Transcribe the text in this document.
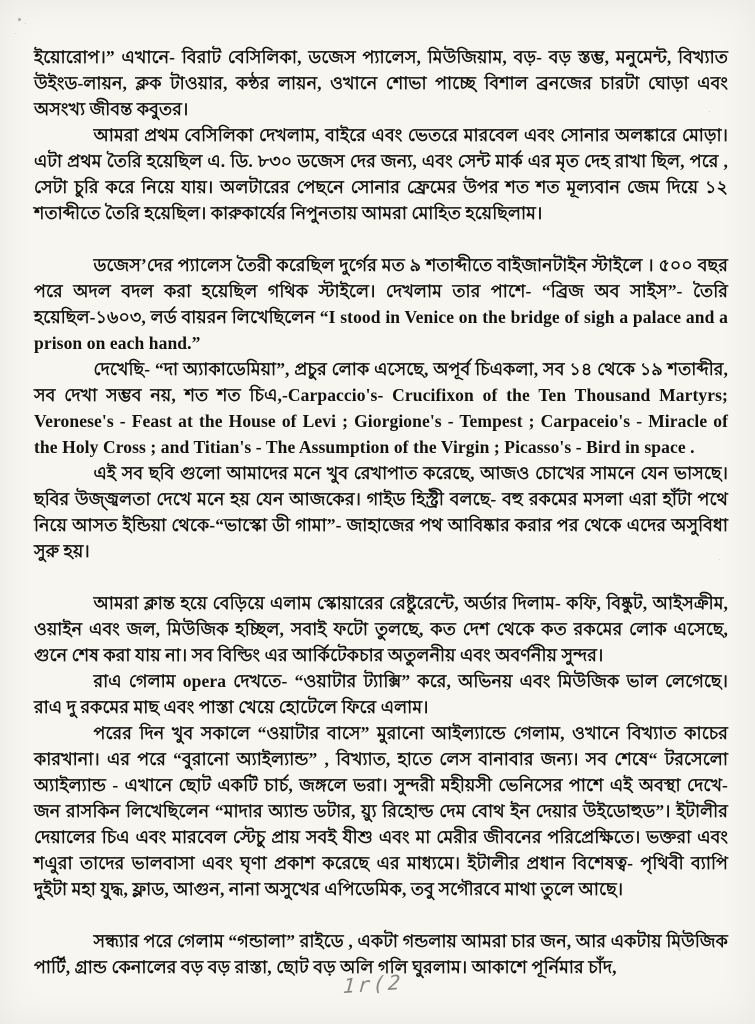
ইয়োরোপ।” এখানে- বিরাট বেসিলিকা, ডজেস প্যালেস, মিউজিয়াম, বড়- বড় স্তম্ভ, মনুমেন্ট, বিখ্যাত উইংড-লায়ন, ক্লক টাওয়ার, কন্ঠর লায়ন, ওখানে শোভা পাচ্ছে বিশাল ব্রনজের চারটা ঘোড়া এবং অসংখ্য জীবন্ত কবুতর।

আমরা প্রথম বেসিলিকা দেখলাম, বাইরে এবং ভেতরে মারবেল এবং সোনার অলঙ্কারে মোড়া। এটা প্রথম তৈরি হয়েছিল এ. ডি. ৮৩০ ডজেস দের জন্য, এবং সেন্ট মার্ক এর মৃত দেহ রাখা ছিল, পরে , সেটা চুরি করে নিয়ে যায়। অলটারের পেছনে সোনার ফ্রেমের উপর শত শত মূল্যবান জেম দিয়ে ১২ শতাব্দীতে তৈরি হয়েছিল। কারুকার্যের নিপুনতায় আমরা মোহিত হয়েছিলাম।

ডজেস’দের প্যালেস তৈরী করেছিল দুর্গের মত ৯ শতাব্দীতে বাইজানটাইন স্টাইলে । ৫০০ বছর পরে অদল বদল করা হয়েছিল গথিক স্টাইলে। দেখলাম তার পাশে- “ব্রিজ অব সাইস”- তৈরি হয়েছিল-১৬০৩, লর্ড বায়রন লিখেছিলেন “I stood in Venice on the bridge of sigh a palace and a prison on each hand.”

দেখেছি- “দা অ্যাকাডেমিয়া”, প্রচুর লোক এসেছে, অপূর্ব চিএকলা, সব ১৪ থেকে ১৯ শতাব্দীর, সব দেখা সম্ভব নয়, শত শত চিএ,-Carpaccio's- Crucifixon of the Ten Thousand Martyrs; Veronese's - Feast at the House of Levi ; Giorgione's - Tempest ; Carpaceio's - Miracle of the Holy Cross ; and Titian's - The Assumption of the Virgin ; Picasso's - Bird in space .

এই সব ছবি গুলো আমাদের মনে খুব রেখাপাত করেছে, আজও চোখের সামনে যেন ভাসছে। ছবির উজ্জ্বলতা দেখে মনে হয় যেন আজকের। গাইড হিস্ট্রী বলছে- বহু রকমের মসলা এরা হাঁটা পথে নিয়ে আসত ইন্ডিয়া থেকে-“ভাস্কো ডী গামা”- জাহাজের পথ আবিষ্কার করার পর থেকে এদের অসুবিধা সুরু হয়।

আমরা ক্লান্ত হয়ে বেড়িয়ে এলাম স্কোয়ারের রেষ্টুরেন্টে, অর্ডার দিলাম- কফি, বিষ্কুট, আইসক্রীম, ওয়াইন এবং জল, মিউজিক হচ্ছিল, সবাই ফটো তুলছে, কত দেশ থেকে কত রকমের লোক এসেছে, গুনে শেষ করা যায় না। সব বিল্ডিং এর আর্কিটেকচার অতুলনীয় এবং অবর্ণনীয় সুন্দর।

রাএ গেলাম opera দেখতে- “ওয়াটার ট্যাক্সি” করে, অভিনয় এবং মিউজিক ভাল লেগেছে। রাএ দু রকমের মাছ এবং পাস্তা খেয়ে হোটেলে ফিরে এলাম।

পরের দিন খুব সকালে “ওয়াটার বাসে” মুরানো আইল্যান্ডে গেলাম, ওখানে বিখ্যাত কাচের কারখানা। এর পরে “বুরানো অ্যাইল্যান্ড” , বিখ্যাত, হাতে লেস বানাবার জন্য। সব শেষে“ টরসেলো অ্যাইল্যান্ড - এখানে ছোট একটি চার্চ, জঙ্গলে ভরা। সুন্দরী মহীয়সী ভেনিসের পাশে এই অবস্থা দেখে- জন রাসকিন লিখেছিলেন “মাদার অ্যান্ড ডটার, য়্যু রিহোল্ড দেম বোথ ইন দেয়ার উইডোহুড”। ইটালীর দেয়ালের চিএ এবং মারবেল স্টেচু প্রায় সবই যীশু এবং মা মেরীর জীবনের পরিপ্রেক্ষিতে। ভক্তরা এবং শএুরা তাদের ভালবাসা এবং ঘৃণা প্রকাশ করেছে এর মাধ্যমে। ইটালীর প্রধান বিশেষত্ব- পৃথিবী ব্যাপি দুইটা মহা যুদ্ধ, ফ্লাড, আগুন, নানা অসুখের এপিডেমিক, তবু সগৌরবে মাথা তুলে আছে।

সন্ধ্যার পরে গেলাম “গন্ডালা” রাইডে , একটা গন্ডলায় আমরা চার জন, আর একটায় মিউজিক পার্টি, গ্রান্ড কেনালের বড় বড় রাস্তা, ছোট বড় অলি গলি ঘুরলাম। আকাশে পূর্নিমার চাঁদ,

1r(2
